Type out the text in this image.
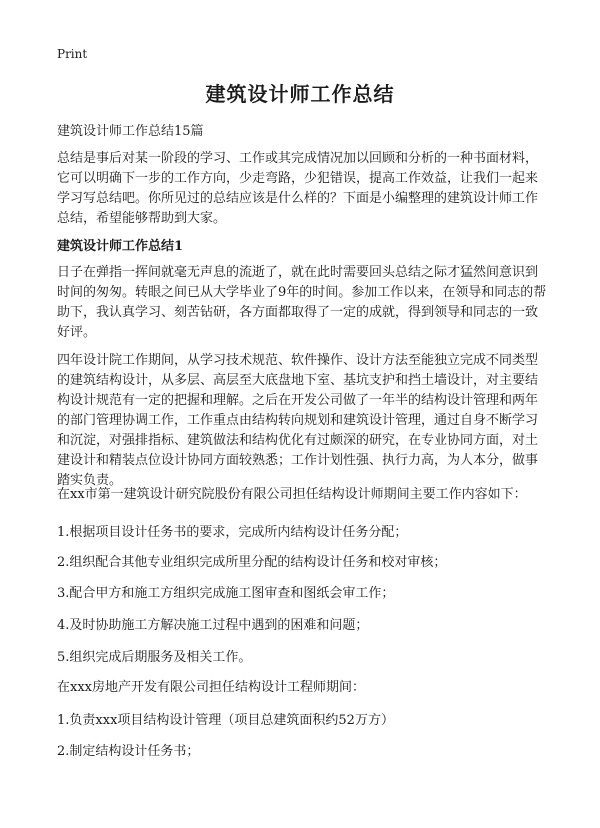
Print
建筑设计师工作总结
建筑设计师工作总结15篇
总结是事后对某一阶段的学习、工作或其完成情况加以回顾和分析的一种书面材料，它可以明确下一步的工作方向，少走弯路，少犯错误，提高工作效益，让我们一起来学习写总结吧。你所见过的总结应该是什么样的？下面是小编整理的建筑设计师工作总结，希望能够帮助到大家。
建筑设计师工作总结1
日子在弹指一挥间就毫无声息的流逝了，就在此时需要回头总结之际才猛然间意识到时间的匆匆。转眼之间已从大学毕业了9年的时间。参加工作以来，在领导和同志的帮助下，我认真学习、刻苦钻研，各方面都取得了一定的成就，得到领导和同志的一致好评。
四年设计院工作期间，从学习技术规范、软件操作、设计方法至能独立完成不同类型的建筑结构设计，从多层、高层至大底盘地下室、基坑支护和挡土墙设计，对主要结构设计规范有一定的把握和理解。之后在开发公司做了一年半的结构设计管理和两年的部门管理协调工作，工作重点由结构转向规划和建筑设计管理，通过自身不断学习和沉淀，对强排指标、建筑做法和结构优化有过颇深的研究，在专业协同方面，对土建设计和精装点位设计协同方面较熟悉；工作计划性强、执行力高，为人本分，做事踏实负责。
在xx市第一建筑设计研究院股份有限公司担任结构设计师期间主要工作内容如下：
1.根据项目设计任务书的要求，完成所内结构设计任务分配；
2.组织配合其他专业组织完成所里分配的结构设计任务和校对审核；
3.配合甲方和施工方组织完成施工图审查和图纸会审工作；
4.及时协助施工方解决施工过程中遇到的困难和问题；
5.组织完成后期服务及相关工作。
在xxx房地产开发有限公司担任结构设计工程师期间：
1.负责xxx项目结构设计管理（项目总建筑面积约52万方）
2.制定结构设计任务书；
